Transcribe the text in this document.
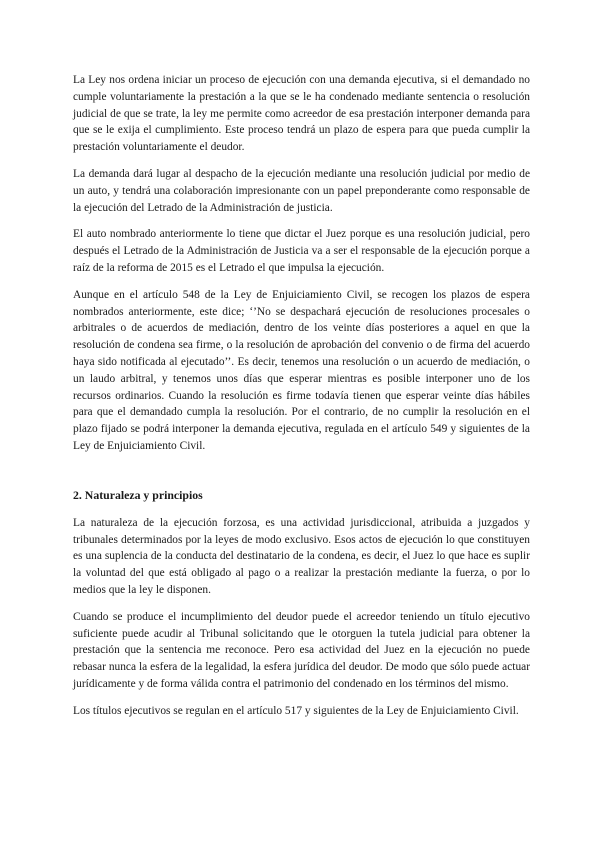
La Ley nos ordena iniciar un proceso de ejecución con una demanda ejecutiva, si el demandado no cumple voluntariamente la prestación a la que se le ha condenado mediante sentencia o resolución judicial de que se trate, la ley me permite como acreedor de esa prestación interponer demanda para que se le exija el cumplimiento. Este proceso tendrá un plazo de espera para que pueda cumplir la prestación voluntariamente el deudor.

La demanda dará lugar al despacho de la ejecución mediante una resolución judicial por medio de un auto, y tendrá una colaboración impresionante con un papel preponderante como responsable de la ejecución del Letrado de la Administración de justicia.

El auto nombrado anteriormente lo tiene que dictar el Juez porque es una resolución judicial, pero después el Letrado de la Administración de Justicia va a ser el responsable de la ejecución porque a raíz de la reforma de 2015 es el Letrado el que impulsa la ejecución.

Aunque en el artículo 548 de la Ley de Enjuiciamiento Civil, se recogen los plazos de espera nombrados anteriormente, este dice; ‘’No se despachará ejecución de resoluciones procesales o arbitrales o de acuerdos de mediación, dentro de los veinte días posteriores a aquel en que la resolución de condena sea firme, o la resolución de aprobación del convenio o de firma del acuerdo haya sido notificada al ejecutado’’. Es decir, tenemos una resolución o un acuerdo de mediación, o un laudo arbitral, y tenemos unos días que esperar mientras es posible interponer uno de los recursos ordinarios. Cuando la resolución es firme todavía tienen que esperar veinte días hábiles para que el demandado cumpla la resolución. Por el contrario, de no cumplir la resolución en el plazo fijado se podrá interponer la demanda ejecutiva, regulada en el artículo 549 y siguientes de la Ley de Enjuiciamiento Civil.

2. Naturaleza y principios

La naturaleza de la ejecución forzosa, es una actividad jurisdiccional, atribuida a juzgados y tribunales determinados por la leyes de modo exclusivo. Esos actos de ejecución lo que constituyen es una suplencia de la conducta del destinatario de la condena, es decir, el Juez lo que hace es suplir la voluntad del que está obligado al pago o a realizar la prestación mediante la fuerza, o por lo medios que la ley le disponen.

Cuando se produce el incumplimiento del deudor puede el acreedor teniendo un título ejecutivo suficiente puede acudir al Tribunal solicitando que le otorguen la tutela judicial para obtener la prestación que la sentencia me reconoce. Pero esa actividad del Juez en la ejecución no puede rebasar nunca la esfera de la legalidad, la esfera jurídica del deudor. De modo que sólo puede actuar jurídicamente y de forma válida contra el patrimonio del condenado en los términos del mismo.

Los títulos ejecutivos se regulan en el artículo 517 y siguientes de la Ley de Enjuiciamiento Civil.
